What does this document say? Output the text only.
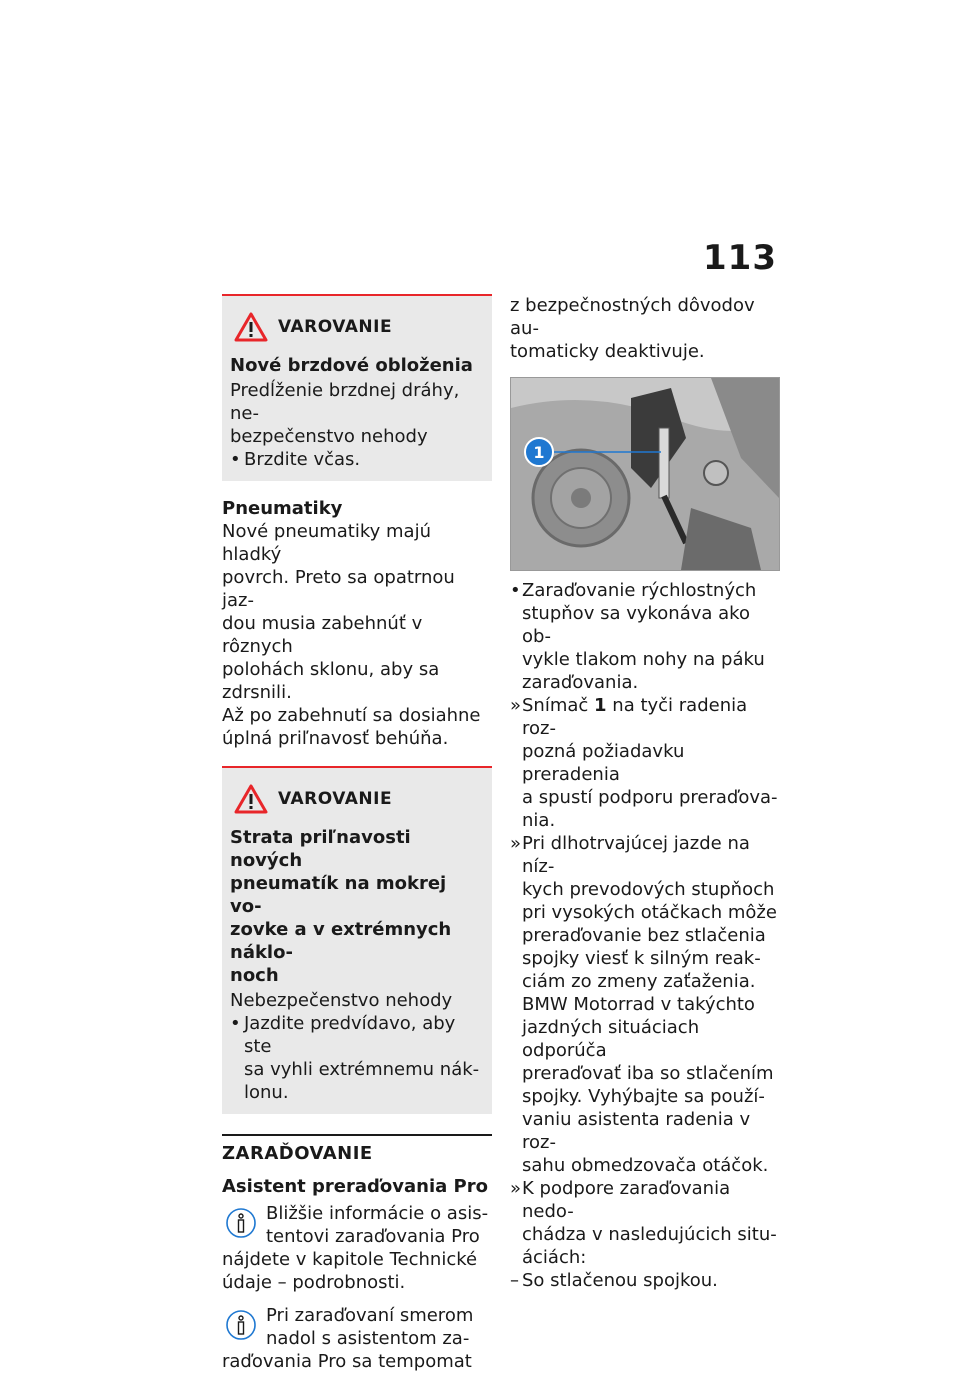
113
VAROVANIE
Nové brzdové obloženia
Predĺženie brzdnej dráhy, ne-
bezpečenstvo nehody
• Brzdite včas.
Pneumatiky
Nové pneumatiky majú hladký
povrch. Preto sa opatrnou jaz-
dou musia zabehnúť v rôznych
polohách sklonu, aby sa zdrsnili.
Až po zabehnutí sa dosiahne
úplná priľnavosť behúňa.
VAROVANIE
Strata priľnavosti nových
pneumatík na mokrej vo-
zovke a v extrémnych náklo-
noch
Nebezpečenstvo nehody
• Jazdite predvídavo, aby ste
sa vyhli extrémnemu nák-
lonu.
ZARAĎOVANIE
Asistent preraďovania Pro
Bližšie informácie o asis-
tentovi zaraďovania Pro
nájdete v kapitole Technické
údaje – podrobnosti.
Pri zaraďovaní smerom
nadol s asistentom za-
raďovania Pro sa tempomat
z bezpečnostných dôvodov au-
tomaticky deaktivuje.
1
• Zaraďovanie rýchlostných
stupňov sa vykonáva ako ob-
vykle tlakom nohy na páku
zaraďovania.
» Snímač 1 na tyči radenia roz-
pozná požiadavku preradenia
a spustí podporu preraďova-
nia.
» Pri dlhotrvajúcej jazde na níz-
kych prevodových stupňoch
pri vysokých otáčkach môže
preraďovanie bez stlačenia
spojky viesť k silným reak-
ciám zo zmeny zaťaženia.
BMW Motorrad v takýchto
jazdných situáciach odporúča
preraďovať iba so stlačením
spojky. Vyhýbajte sa použí-
vaniu asistenta radenia v roz-
sahu obmedzovača otáčok.
» K podpore zaraďovania nedo-
chádza v nasledujúcich situ-
áciách:
– So stlačenou spojkou.
